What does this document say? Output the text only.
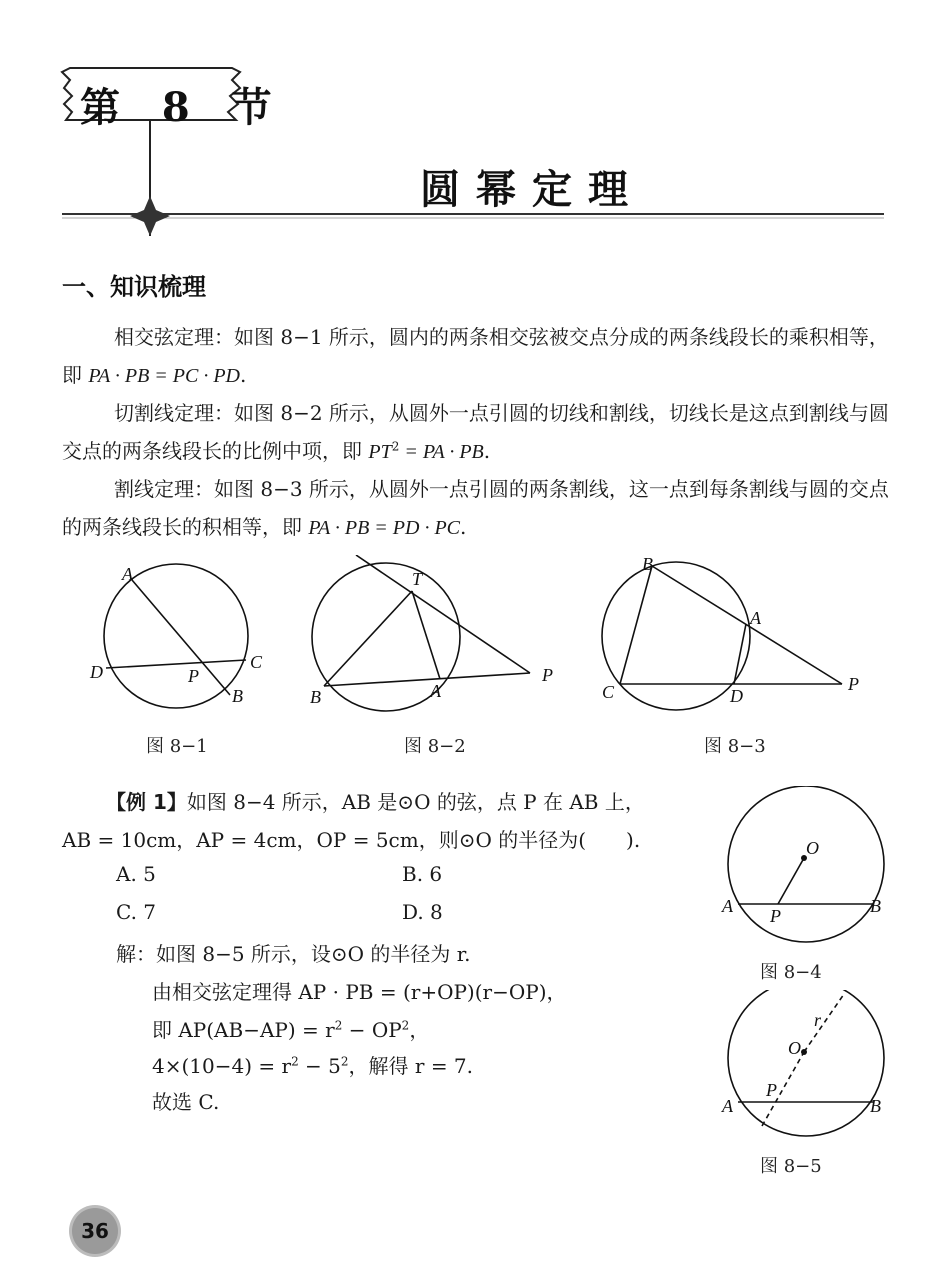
第 8 节
圆幂定理
一、知识梳理
相交弦定理：如图 8−1 所示，圆内的两条相交弦被交点分成的两条线段长的乘积相等，即 PA · PB = PC · PD.
切割线定理：如图 8−2 所示，从圆外一点引圆的切线和割线，切线长是这点到割线与圆交点的两条线段长的比例中项，即 $PT^2$ = PA · PB.
割线定理：如图 8−3 所示，从圆外一点引圆的两条割线，这一点到每条割线与圆的交点的两条线段长的积相等，即 PA · PB = PD · PC.
A
B
C
D	P
图 8−1
T
B	A
P
图 8−2
B
A
C	D
P
图 8−3
【例 1】如图 8−4 所示，AB 是⊙O 的弦，点 P 在 AB 上，
AB = 10cm，AP = 4cm，OP = 5cm，则⊙O 的半径为(　　).
A. 5	B. 6
C. 7	D. 8
解：如图 8−5 所示，设⊙O 的半径为 r.
由相交弦定理得 AP · PB = (r+OP)(r−OP)，
即 $AP(AB-AP) = r^2 - OP^2$，
$4\times(10-4) = r^2 - 5^2$，解得 r = 7.
故选 C.
O
A P	B
图 8−4
r
O
P
A	B
图 8−5
36
